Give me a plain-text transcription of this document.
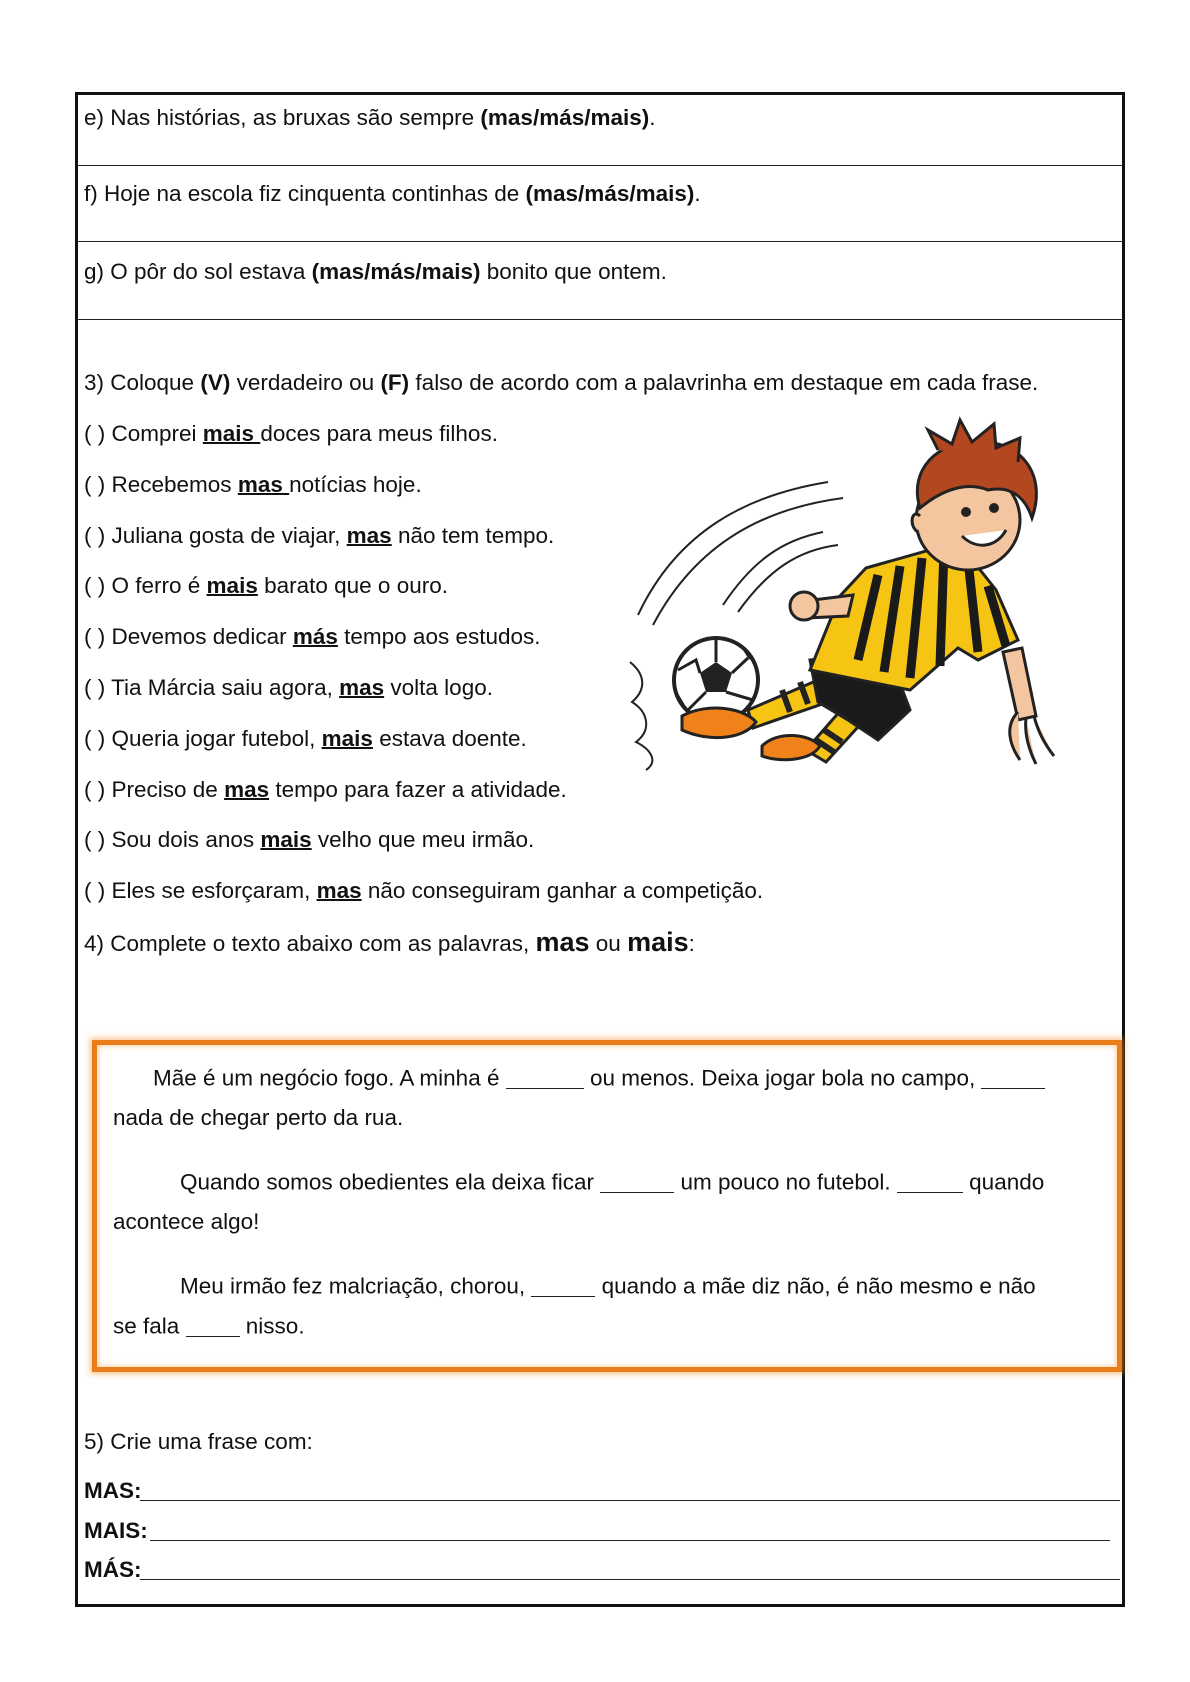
e) Nas histórias, as bruxas são sempre (mas/más/mais).
f) Hoje na escola fiz cinquenta continhas de (mas/más/mais).
g) O pôr do sol estava (mas/más/mais) bonito que ontem.
3) Coloque (V) verdadeiro ou (F) falso de acordo com a palavrinha em destaque em cada frase.
( ) Comprei mais doces para meus filhos.
( ) Recebemos mas notícias hoje.
( ) Juliana gosta de viajar, mas não tem tempo.
( ) O ferro é mais barato que o ouro.
( ) Devemos dedicar más tempo aos estudos.
( ) Tia Márcia saiu agora, mas volta logo.
( ) Queria jogar futebol, mais estava doente.
( ) Preciso de mas tempo para fazer a atividade.
( ) Sou dois anos mais velho que meu irmão.
( ) Eles se esforçaram, mas não conseguiram ganhar a competição.
4) Complete o texto abaixo com as palavras, mas ou mais:
Mãe é um negócio fogo. A minha é	ou menos. Deixa jogar bola no campo,
nada de chegar perto da rua.
Quando somos obedientes ela deixa ficar	um pouco no futebol.	quando
acontece algo!
Meu irmão fez malcriação, chorou,	quando a mãe diz não, é não mesmo e não
se fala  nisso.
5) Crie uma frase com:
MAS:
MAIS:
MÁS:
